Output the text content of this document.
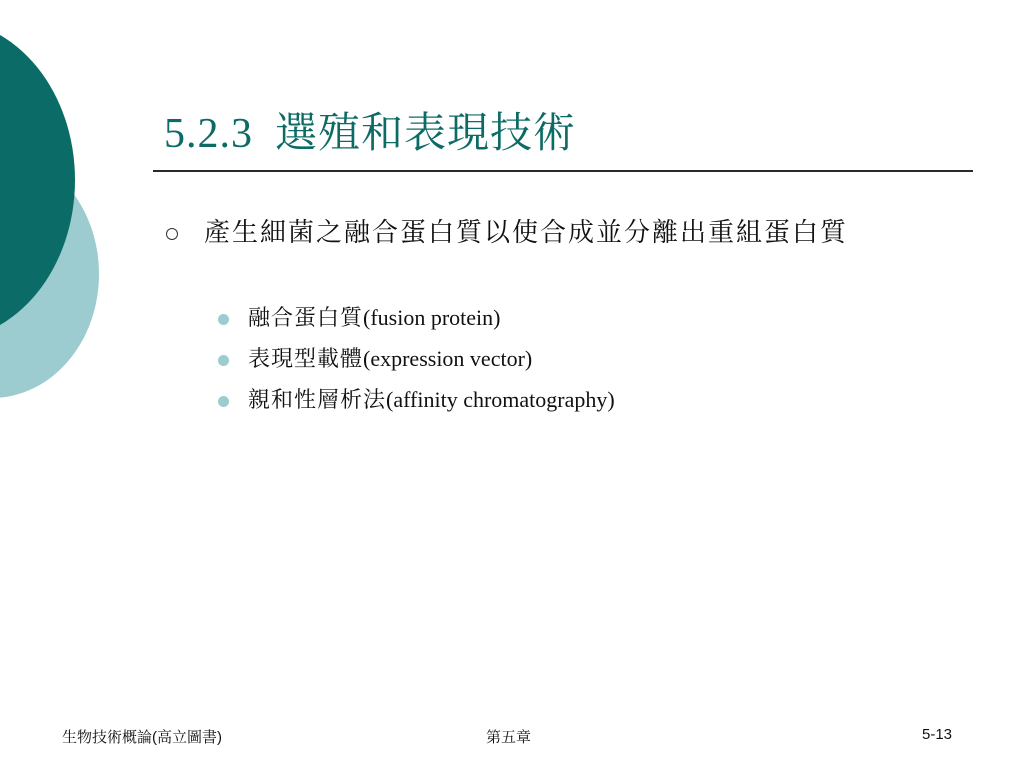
5.2.3 選殖和表現技術
產生細菌之融合蛋白質以使合成並分離出重組蛋白質
融合蛋白質(fusion protein)
表現型載體(expression vector)
親和性層析法(affinity chromatography)
生物技術概論(高立圖書)	第五章	5-13
